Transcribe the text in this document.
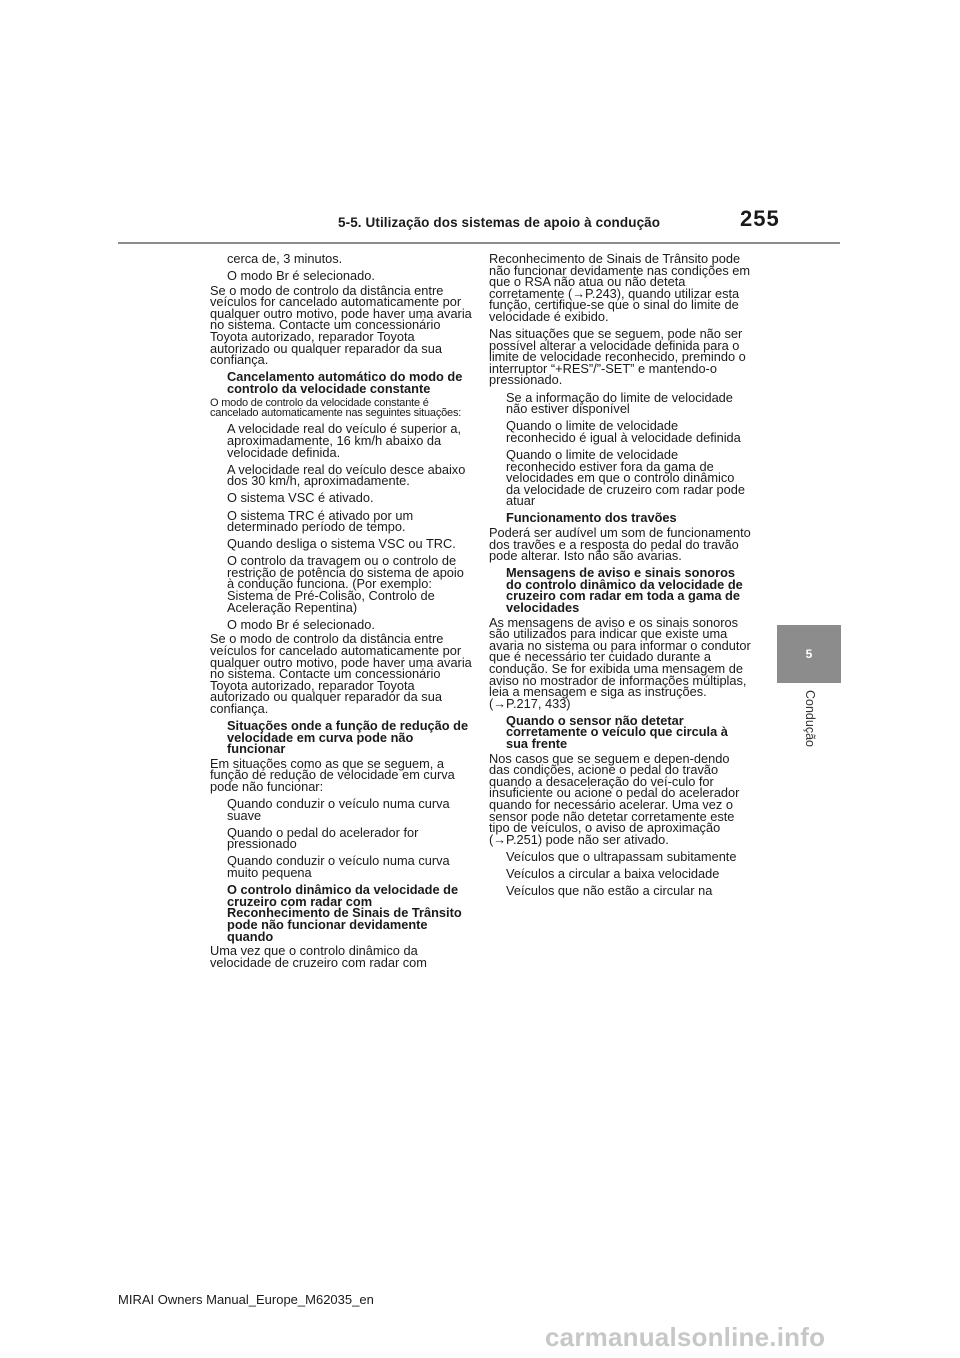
5-5. Utilização dos sistemas de apoio à condução	255
5
Condução

cerca de, 3 minutos.

O modo Br é selecionado.

Se o modo de controlo da distância entre veículos for cancelado automaticamente por qualquer outro motivo, pode haver uma avaria no sistema. Contacte um concessionário Toyota autorizado, reparador Toyota autorizado ou qualquer reparador da sua confiança.

Cancelamento automático do modo de controlo da velocidade constante

O modo de controlo da velocidade constante é cancelado automaticamente nas seguintes situações:

A velocidade real do veículo é superior a, aproximadamente, 16 km/h abaixo da velocidade definida.

A velocidade real do veículo desce abaixo dos 30 km/h, aproximadamente.

O sistema VSC é ativado.

O sistema TRC é ativado por um determinado período de tempo.

Quando desliga o sistema VSC ou TRC.

O controlo da travagem ou o controlo de restrição de potência do sistema de apoio à condução funciona. (Por exemplo: Sistema de Pré-Colisão, Controlo de Aceleração Repentina)

O modo Br é selecionado.

Se o modo de controlo da distância entre veículos for cancelado automaticamente por qualquer outro motivo, pode haver uma avaria no sistema. Contacte um concessionário Toyota autorizado, reparador Toyota autorizado ou qualquer reparador da sua confiança.

Situações onde a função de redução de velocidade em curva pode não funcionar

Em situações como as que se seguem, a função de redução de velocidade em curva pode não funcionar:

Quando conduzir o veículo numa curva suave

Quando o pedal do acelerador for pressionado

Quando conduzir o veículo numa curva muito pequena

O controlo dinâmico da velocidade de cruzeiro com radar com Reconhecimento de Sinais de Trânsito pode não funcionar devidamente quando

Uma vez que o controlo dinâmico da velocidade de cruzeiro com radar com

Reconhecimento de Sinais de Trânsito pode não funcionar devidamente nas condições em que o RSA não atua ou não deteta corretamente (→P.243), quando utilizar esta função, certifique-se que o sinal do limite de velocidade é exibido.

Nas situações que se seguem, pode não ser possível alterar a velocidade definida para o limite de velocidade reconhecido, premindo o interruptor “+RES”/”-SET” e mantendo-o pressionado.

Se a informação do limite de velocidade não estiver disponível

Quando o limite de velocidade reconhecido é igual à velocidade definida

Quando o limite de velocidade reconhecido estiver fora da gama de velocidades em que o controlo dinâmico da velocidade de cruzeiro com radar pode atuar

Funcionamento dos travões

Poderá ser audível um som de funcionamento dos travões e a resposta do pedal do travão pode alterar. Isto não são avarias.

Mensagens de aviso e sinais sonoros do controlo dinâmico da velocidade de cruzeiro com radar em toda a gama de velocidades

As mensagens de aviso e os sinais sonoros são utilizados para indicar que existe uma avaria no sistema ou para informar o condutor que é necessário ter cuidado durante a condução. Se for exibida uma mensagem de aviso no mostrador de informações múltiplas, leia a mensagem e siga as instruções. (→P.217, 433)

Quando o sensor não detetar corretamente o veículo que circula à sua frente

Nos casos que se seguem e depen-dendo das condições, acione o pedal do travão quando a desaceleração do veí-culo for insuficiente ou acione o pedal do acelerador quando for necessário acelerar. Uma vez o sensor pode não detetar corretamente este tipo de veículos, o aviso de aproximação (→P.251) pode não ser ativado.

Veículos que o ultrapassam subitamente

Veículos a circular a baixa velocidade

Veículos que não estão a circular na

MIRAI Owners Manual_Europe_M62035_en
carmanualsonline.info
